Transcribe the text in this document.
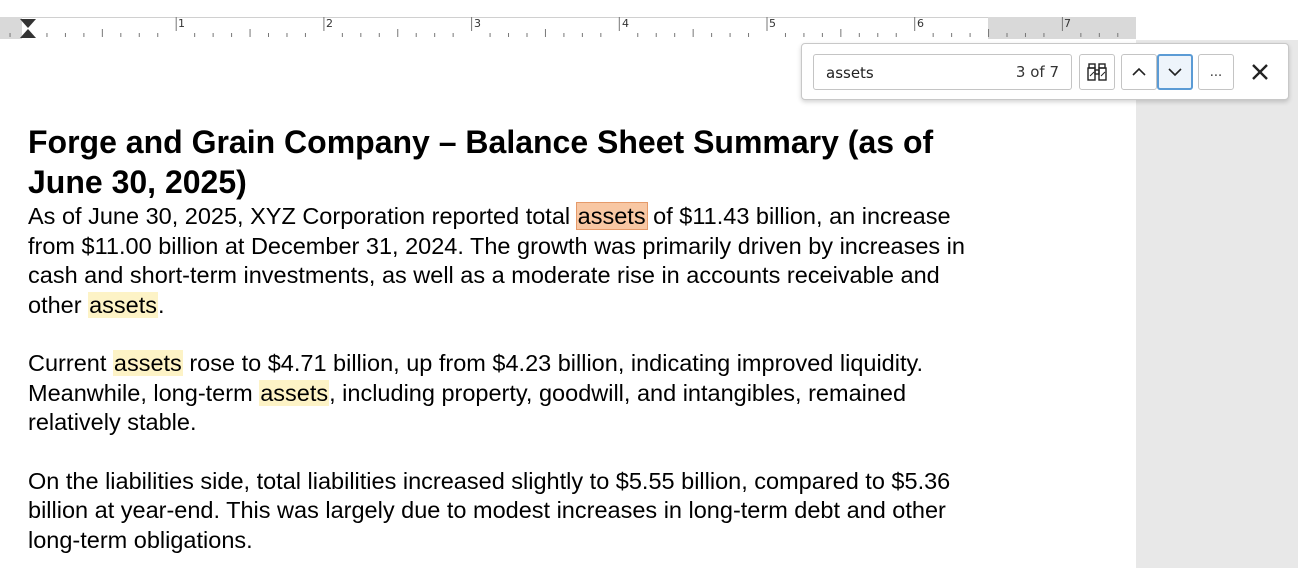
1	2	3	4	5	6	7
Forge and Grain Company – Balance Sheet Summary (as of June 30, 2025)

As of June 30, 2025, XYZ Corporation reported total assets of $11.43 billion, an increase from $11.00 billion at December 31, 2024. The growth was primarily driven by increases in cash and short-term investments, as well as a moderate rise in accounts receivable and other assets.

Current assets rose to $4.71 billion, up from $4.23 billion, indicating improved liquidity. Meanwhile, long-term assets, including property, goodwill, and intangibles, remained relatively stable.

On the liabilities side, total liabilities increased slightly to $5.55 billion, compared to $5.36 billion at year-end. This was largely due to modest increases in long-term debt and other long-term obligations.

assets
3 of 7	...
